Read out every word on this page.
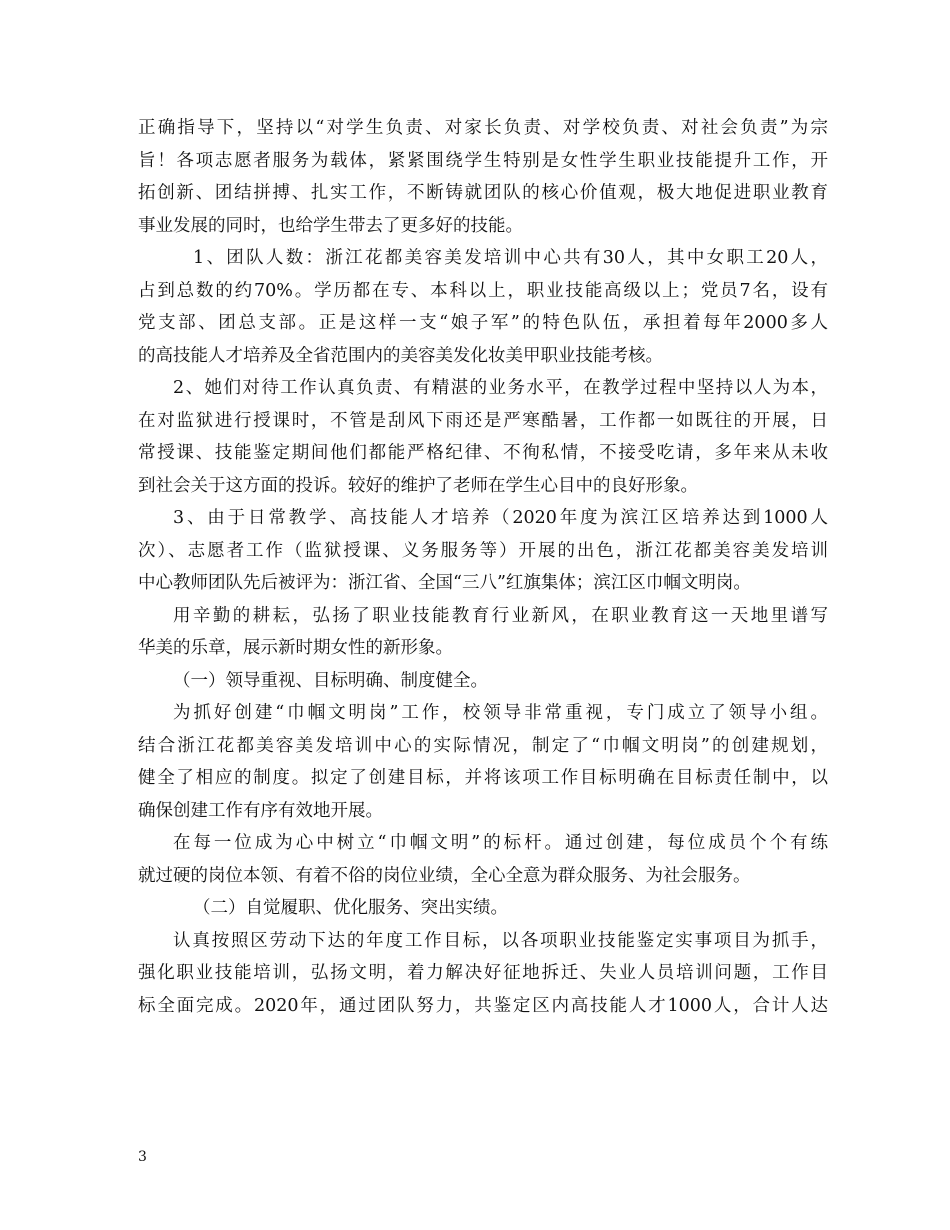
正确指导下，坚持以“对学生负责、对家长负责、对学校负责、对社会负责”为宗
旨！各项志愿者服务为载体，紧紧围绕学生特别是女性学生职业技能提升工作，开
拓创新、团结拼搏、扎实工作，不断铸就团队的核心价值观，极大地促进职业教育
事业发展的同时，也给学生带去了更多好的技能。
1、团队人数：浙江花都美容美发培训中心共有30人，其中女职工20人，
占到总数的约70%。学历都在专、本科以上，职业技能高级以上；党员7名，设有
党支部、团总支部。正是这样一支“娘子军”的特色队伍，承担着每年2000多人
的高技能人才培养及全省范围内的美容美发化妆美甲职业技能考核。
2、她们对待工作认真负责、有精湛的业务水平，在教学过程中坚持以人为本，
在对监狱进行授课时，不管是刮风下雨还是严寒酷暑，工作都一如既往的开展，日
常授课、技能鉴定期间他们都能严格纪律、不徇私情，不接受吃请，多年来从未收
到社会关于这方面的投诉。较好的维护了老师在学生心目中的良好形象。
3、由于日常教学、高技能人才培养（2020年度为滨江区培养达到1000人
次）、志愿者工作（监狱授课、义务服务等）开展的出色，浙江花都美容美发培训
中心教师团队先后被评为：浙江省、全国“三八”红旗集体；滨江区巾帼文明岗。
用辛勤的耕耘，弘扬了职业技能教育行业新风，在职业教育这一天地里谱写
华美的乐章，展示新时期女性的新形象。
（一）领导重视、目标明确、制度健全。
为抓好创建“巾帼文明岗”工作，校领导非常重视，专门成立了领导小组。
结合浙江花都美容美发培训中心的实际情况，制定了“巾帼文明岗”的创建规划，
健全了相应的制度。拟定了创建目标，并将该项工作目标明确在目标责任制中，以
确保创建工作有序有效地开展。
在每一位成为心中树立“巾帼文明”的标杆。通过创建，每位成员个个有练
就过硬的岗位本领、有着不俗的岗位业绩，全心全意为群众服务、为社会服务。
（二）自觉履职、优化服务、突出实绩。
认真按照区劳动下达的年度工作目标，以各项职业技能鉴定实事项目为抓手，
强化职业技能培训，弘扬文明，着力解决好征地拆迁、失业人员培训问题，工作目
标全面完成。2020年，通过团队努力，共鉴定区内高技能人才1000人，合计人达
3
